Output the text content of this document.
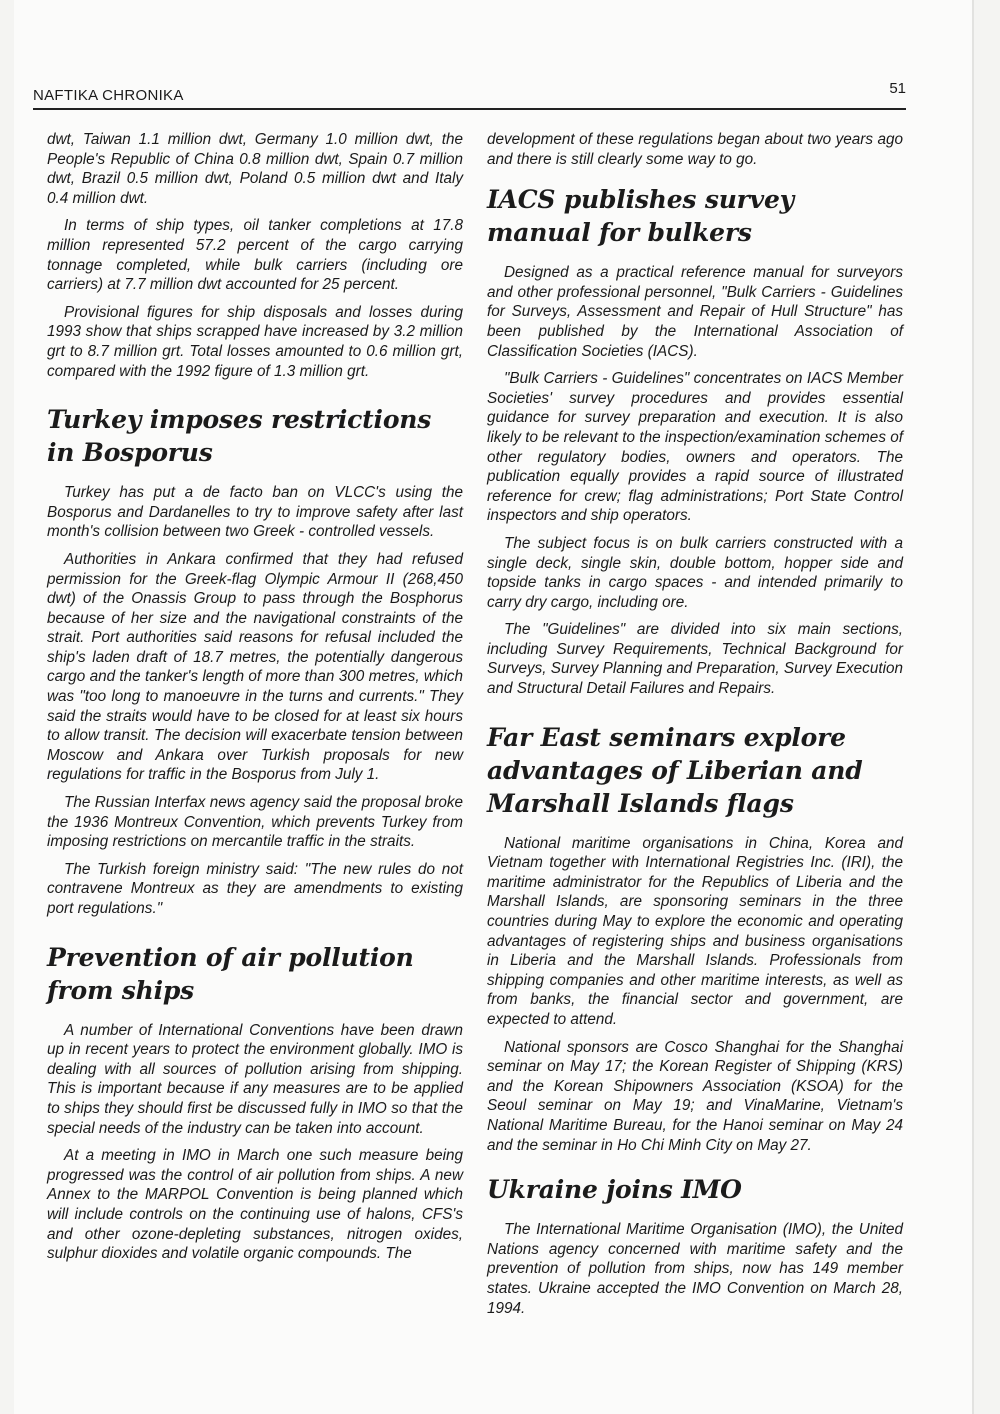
NAFTIKA CHRONIKA	51

dwt, Taiwan 1.1 million dwt, Germany 1.0 million dwt, the People's Republic of China 0.8 million dwt, Spain 0.7 million dwt, Brazil 0.5 million dwt, Poland 0.5 million dwt and Italy 0.4 million dwt.

In terms of ship types, oil tanker completions at 17.8 million represented 57.2 percent of the cargo carrying tonnage completed, while bulk carriers (including ore carriers) at 7.7 million dwt accounted for 25 percent.

Provisional figures for ship disposals and losses during 1993 show that ships scrapped have increased by 3.2 million grt to 8.7 million grt. Total losses amounted to 0.6 million grt, compared with the 1992 figure of 1.3 million grt.

Turkey imposes restrictions in Bosporus

Turkey has put a de facto ban on VLCC's using the Bosporus and Dardanelles to try to improve safety after last month's collision between two Greek - controlled vessels.

Authorities in Ankara confirmed that they had refused permission for the Greek-flag Olympic Armour II (268,450 dwt) of the Onassis Group to pass through the Bosphorus because of her size and the navigational constraints of the strait. Port authorities said reasons for refusal included the ship's laden draft of 18.7 metres, the potentially dangerous cargo and the tanker's length of more than 300 metres, which was "too long to manoeuvre in the turns and currents." They said the straits would have to be closed for at least six hours to allow transit. The decision will exacerbate tension between Moscow and Ankara over Turkish proposals for new regulations for traffic in the Bosporus from July 1.

The Russian Interfax news agency said the proposal broke the 1936 Montreux Convention, which prevents Turkey from imposing restrictions on mercantile traffic in the straits.

The Turkish foreign ministry said: "The new rules do not contravene Montreux as they are amendments to existing port regulations."

Prevention of air pollution from ships

A number of International Conventions have been drawn up in recent years to protect the environment globally. IMO is dealing with all sources of pollution arising from shipping. This is important because if any measures are to be applied to ships they should first be discussed fully in IMO so that the special needs of the industry can be taken into account.

At a meeting in IMO in March one such measure being progressed was the control of air pollution from ships. A new Annex to the MARPOL Convention is being planned which will include controls on the continuing use of halons, CFS's and other ozone-depleting substances, nitrogen oxides, sulphur dioxides and volatile organic compounds. The

development of these regulations began about two years ago and there is still clearly some way to go.

IACS publishes survey manual for bulkers

Designed as a practical reference manual for surveyors and other professional personnel, "Bulk Carriers - Guidelines for Surveys, Assessment and Repair of Hull Structure" has been published by the International Association of Classification Societies (IACS).

"Bulk Carriers - Guidelines" concentrates on IACS Member Societies' survey procedures and provides essential guidance for survey preparation and execution. It is also likely to be relevant to the inspection/examination schemes of other regulatory bodies, owners and operators. The publication equally provides a rapid source of illustrated reference for crew; flag administrations; Port State Control inspectors and ship operators.

The subject focus is on bulk carriers constructed with a single deck, single skin, double bottom, hopper side and topside tanks in cargo spaces - and intended primarily to carry dry cargo, including ore.

The "Guidelines" are divided into six main sections, including Survey Requirements, Technical Background for Surveys, Survey Planning and Preparation, Survey Execution and Structural Detail Failures and Repairs.

Far East seminars explore advantages of Liberian and Marshall Islands flags

National maritime organisations in China, Korea and Vietnam together with International Registries Inc. (IRI), the maritime administrator for the Republics of Liberia and the Marshall Islands, are sponsoring seminars in the three countries during May to explore the economic and operating advantages of registering ships and business organisations in Liberia and the Marshall Islands. Professionals from shipping companies and other maritime interests, as well as from banks, the financial sector and government, are expected to attend.

National sponsors are Cosco Shanghai for the Shanghai seminar on May 17; the Korean Register of Shipping (KRS) and the Korean Shipowners Association (KSOA) for the Seoul seminar on May 19; and VinaMarine, Vietnam's National Maritime Bureau, for the Hanoi seminar on May 24 and the seminar in Ho Chi Minh City on May 27.

Ukraine joins IMO

The International Maritime Organisation (IMO), the United Nations agency concerned with maritime safety and the prevention of pollution from ships, now has 149 member states. Ukraine accepted the IMO Convention on March 28, 1994.
